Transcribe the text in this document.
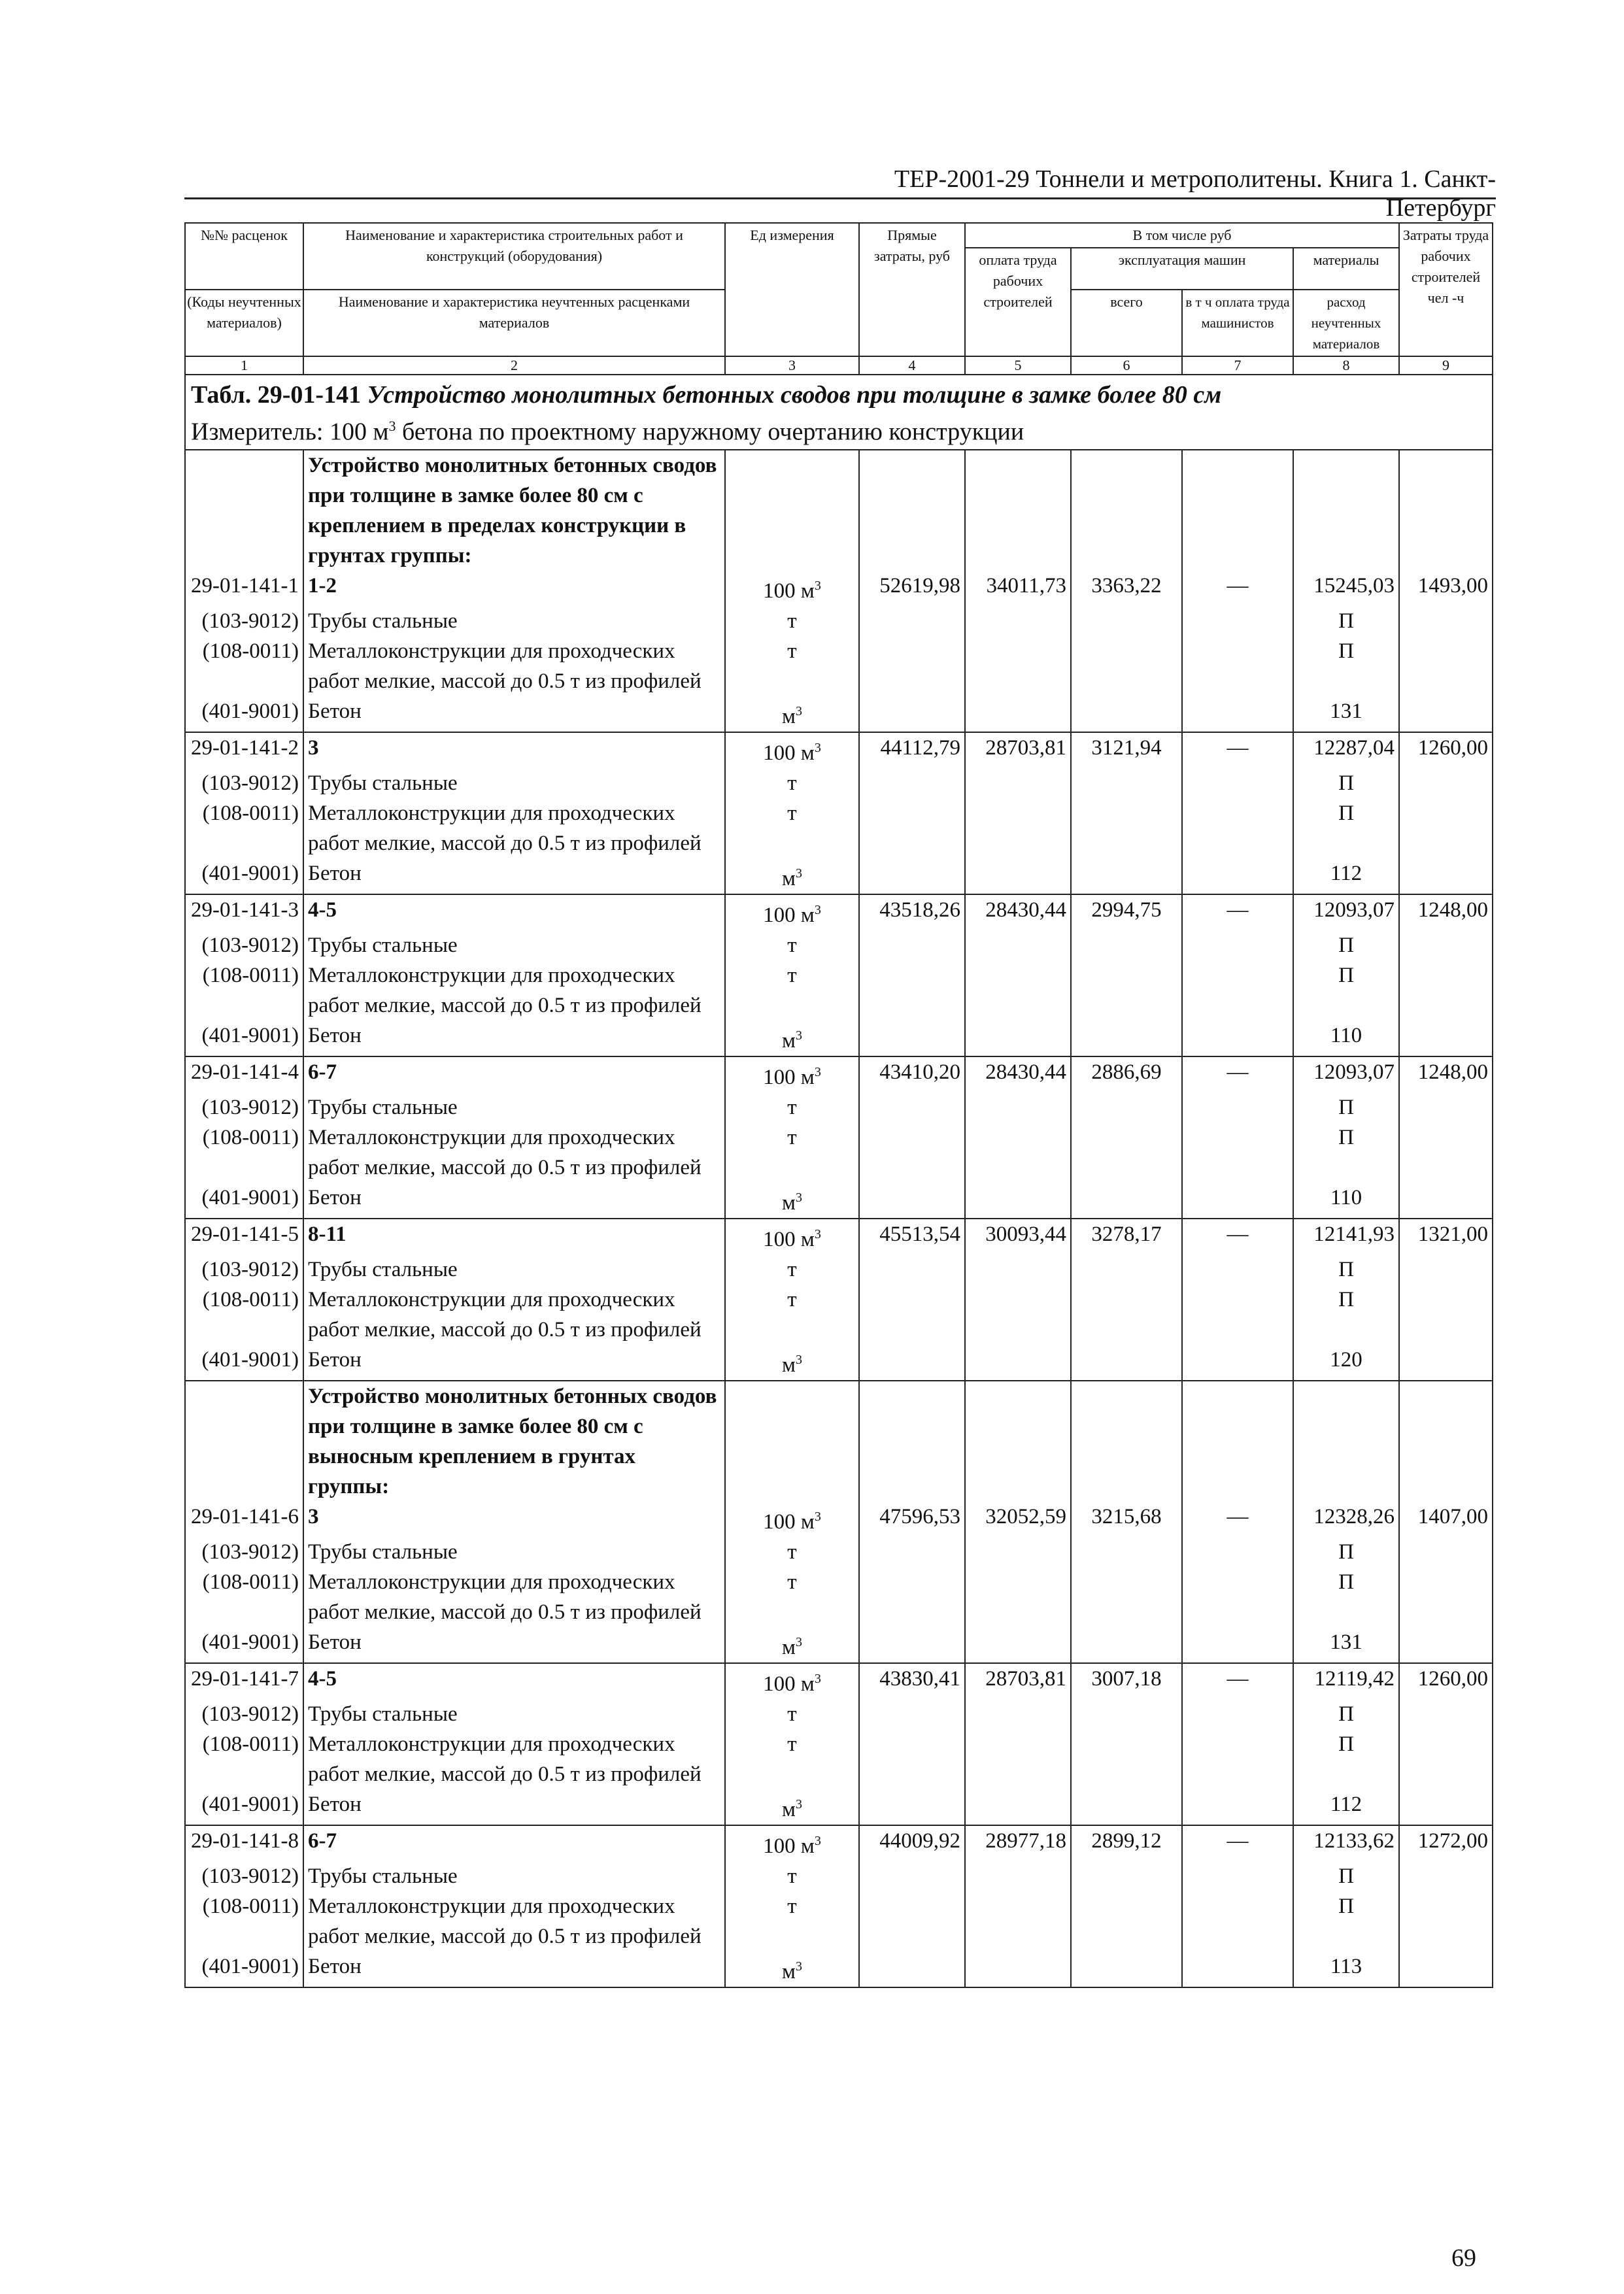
ТЕР-2001-29 Тоннели и метрополитены. Книга 1. Санкт-Петербург
№№ расценок	Наименование и характеристика строительных работ и конструкций (оборудования)	Ед измерения	Прямые затраты, руб	В том числе руб				Затраты труда рабочих строителей чел -ч
				оплата труда рабочих строителей	эксплуатация машин		материалы	
(Коды неучтенных материалов)	Наименование и характеристика неучтенных расценками материалов				всего	в т ч оплата труда машинистов	расход неучтенных материалов	

1	2	3	4	5	6	7	8	9

Табл. 29-01-141 Устройство монолитных бетонных сводов при толщине в замке более 80 см
Измеритель: 100 $м^3$ бетона по проектному наружному очертанию конструкции								

	Устройство монолитных бетонных сводов при толщине в замке более 80 см с креплением в пределах конструкции в грунтах группы:							
29-01-141-1	1-2	100 $м^3$	52619,98	34011,73	3363,22	—	15245,03	1493,00
(103-9012)	Трубы стальные	т					П	
(108-0011)	Металлоконструкции для проходческих работ мелкие, массой до 0.5 т из профилей	т					П	
(401-9001)	Бетон	$м^3$					131	
29-01-141-2	3	100 $м^3$	44112,79	28703,81	3121,94	—	12287,04	1260,00
(103-9012)	Трубы стальные	т					П	
(108-0011)	Металлоконструкции для проходческих работ мелкие, массой до 0.5 т из профилей	т					П	
(401-9001)	Бетон	$м^3$					112	
29-01-141-3	4-5	100 $м^3$	43518,26	28430,44	2994,75	—	12093,07	1248,00
(103-9012)	Трубы стальные	т					П	
(108-0011)	Металлоконструкции для проходческих работ мелкие, массой до 0.5 т из профилей	т					П	
(401-9001)	Бетон	$м^3$					110	
29-01-141-4	6-7	100 $м^3$	43410,20	28430,44	2886,69	—	12093,07	1248,00
(103-9012)	Трубы стальные	т					П	
(108-0011)	Металлоконструкции для проходческих работ мелкие, массой до 0.5 т из профилей	т					П	
(401-9001)	Бетон	$м^3$					110	
29-01-141-5	8-11	100 $м^3$	45513,54	30093,44	3278,17	—	12141,93	1321,00
(103-9012)	Трубы стальные	т					П	
(108-0011)	Металлоконструкции для проходческих работ мелкие, массой до 0.5 т из профилей	т					П	
(401-9001)	Бетон	$м^3$					120	
	Устройство монолитных бетонных сводов при толщине в замке более 80 см с выносным креплением в грунтах группы:							
29-01-141-6	3	100 $м^3$	47596,53	32052,59	3215,68	—	12328,26	1407,00
(103-9012)	Трубы стальные	т					П	
(108-0011)	Металлоконструкции для проходческих работ мелкие, массой до 0.5 т из профилей	т					П	
(401-9001)	Бетон	$м^3$					131	
29-01-141-7	4-5	100 $м^3$	43830,41	28703,81	3007,18	—	12119,42	1260,00
(103-9012)	Трубы стальные	т					П	
(108-0011)	Металлоконструкции для проходческих работ мелкие, массой до 0.5 т из профилей	т					П	
(401-9001)	Бетон	$м^3$					112	
29-01-141-8	6-7	100 $м^3$	44009,92	28977,18	2899,12	—	12133,62	1272,00
(103-9012)	Трубы стальные	т					П	
(108-0011)	Металлоконструкции для проходческих работ мелкие, массой до 0.5 т из профилей	т					П	
(401-9001)	Бетон	$м^3$					113	
69
